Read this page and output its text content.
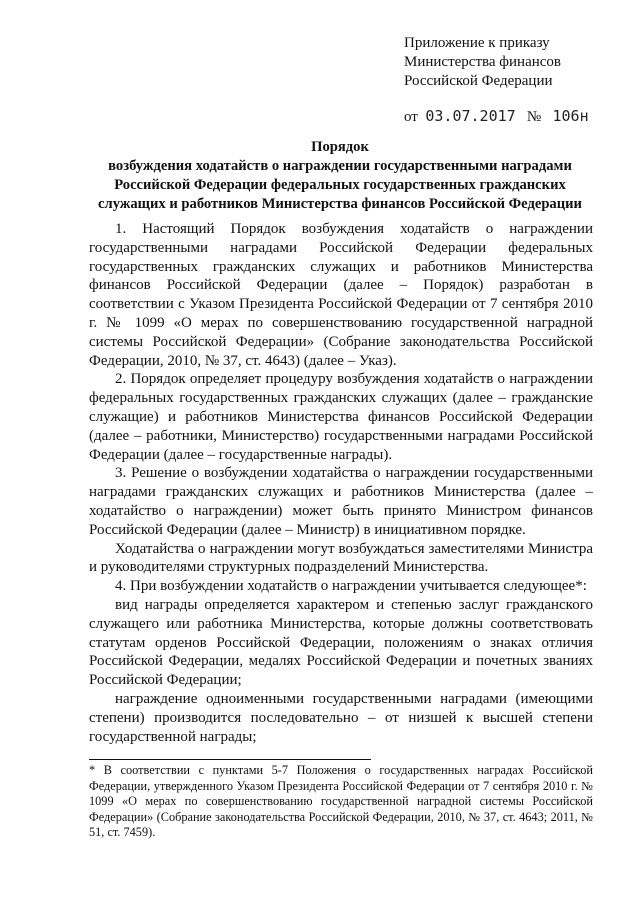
Приложение к приказу
Министерства финансов
Российской Федерации
от 03.07.2017 № 106н
Порядок
возбуждения ходатайств о награждении государственными наградами
Российской Федерации федеральных государственных гражданских
служащих и работников Министерства финансов Российской Федерации

1. Настоящий Порядок возбуждения ходатайств о награждении государственными наградами Российской Федерации федеральных государственных гражданских служащих и работников Министерства финансов Российской Федерации (далее – Порядок) разработан в соответствии с Указом Президента Российской Федерации от 7 сентября 2010 г. № 1099 «О мерах по совершенствованию государственной наградной системы Российской Федерации» (Собрание законодательства Российской Федерации, 2010, № 37, ст. 4643) (далее – Указ).

2. Порядок определяет процедуру возбуждения ходатайств о награждении федеральных государственных гражданских служащих (далее – гражданские служащие) и работников Министерства финансов Российской Федерации (далее – работники, Министерство) государственными наградами Российской Федерации (далее – государственные награды).

3. Решение о возбуждении ходатайства о награждении государственными наградами гражданских служащих и работников Министерства (далее – ходатайство о награждении) может быть принято Министром финансов Российской Федерации (далее – Министр) в инициативном порядке.

Ходатайства о награждении могут возбуждаться заместителями Министра и руководителями структурных подразделений Министерства.

4. При возбуждении ходатайств о награждении учитывается следующее*:

вид награды определяется характером и степенью заслуг гражданского служащего или работника Министерства, которые должны соответствовать статутам орденов Российской Федерации, положениям о знаках отличия Российской Федерации, медалях Российской Федерации и почетных званиях Российской Федерации;

награждение одноименными государственными наградами (имеющими степени) производится последовательно – от низшей к высшей степени государственной награды;

* В соответствии с пунктами 5-7 Положения о государственных наградах Российской Федерации, утвержденного Указом Президента Российской Федерации от 7 сентября 2010 г. № 1099 «О мерах по совершенствованию государственной наградной системы Российской Федерации» (Собрание законодательства Российской Федерации, 2010, № 37, ст. 4643; 2011, № 51, ст. 7459).
